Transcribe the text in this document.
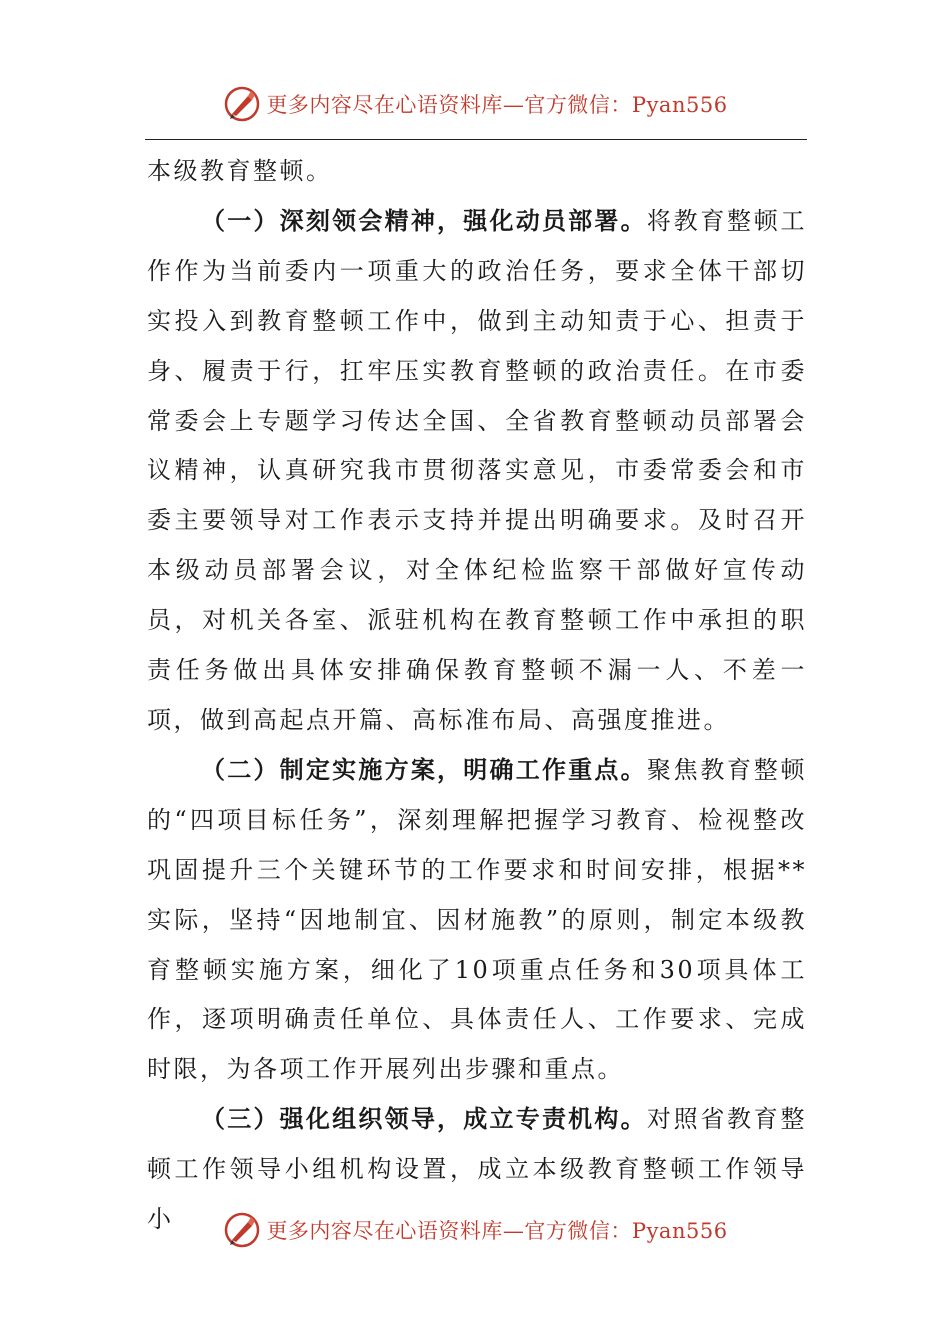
更多内容尽在心语资料库—官方微信：Pyan556

本级教育整顿。

（一）深刻领会精神，强化动员部署。将教育整顿工作作为当前委内一项重大的政治任务，要求全体干部切实投入到教育整顿工作中，做到主动知责于心、担责于身、履责于行，扛牢压实教育整顿的政治责任。在市委常委会上专题学习传达全国、全省教育整顿动员部署会议精神，认真研究我市贯彻落实意见，市委常委会和市委主要领导对工作表示支持并提出明确要求。及时召开本级动员部署会议，对全体纪检监察干部做好宣传动员，对机关各室、派驻机构在教育整顿工作中承担的职责任务做出具体安排确保教育整顿不漏一人、不差一项，做到高起点开篇、高标准布局、高强度推进。

（二）制定实施方案，明确工作重点。聚焦教育整顿的“四项目标任务”，深刻理解把握学习教育、检视整改巩固提升三个关键环节的工作要求和时间安排，根据**实际，坚持“因地制宜、因材施教”的原则，制定本级教育整顿实施方案，细化了10项重点任务和30项具体工作，逐项明确责任单位、具体责任人、工作要求、完成时限，为各项工作开展列出步骤和重点。

（三）强化组织领导，成立专责机构。对照省教育整顿工作领导小组机构设置，成立本级教育整顿工作领导小	更多内容尽在心语资料库—官方微信：Pyan556
